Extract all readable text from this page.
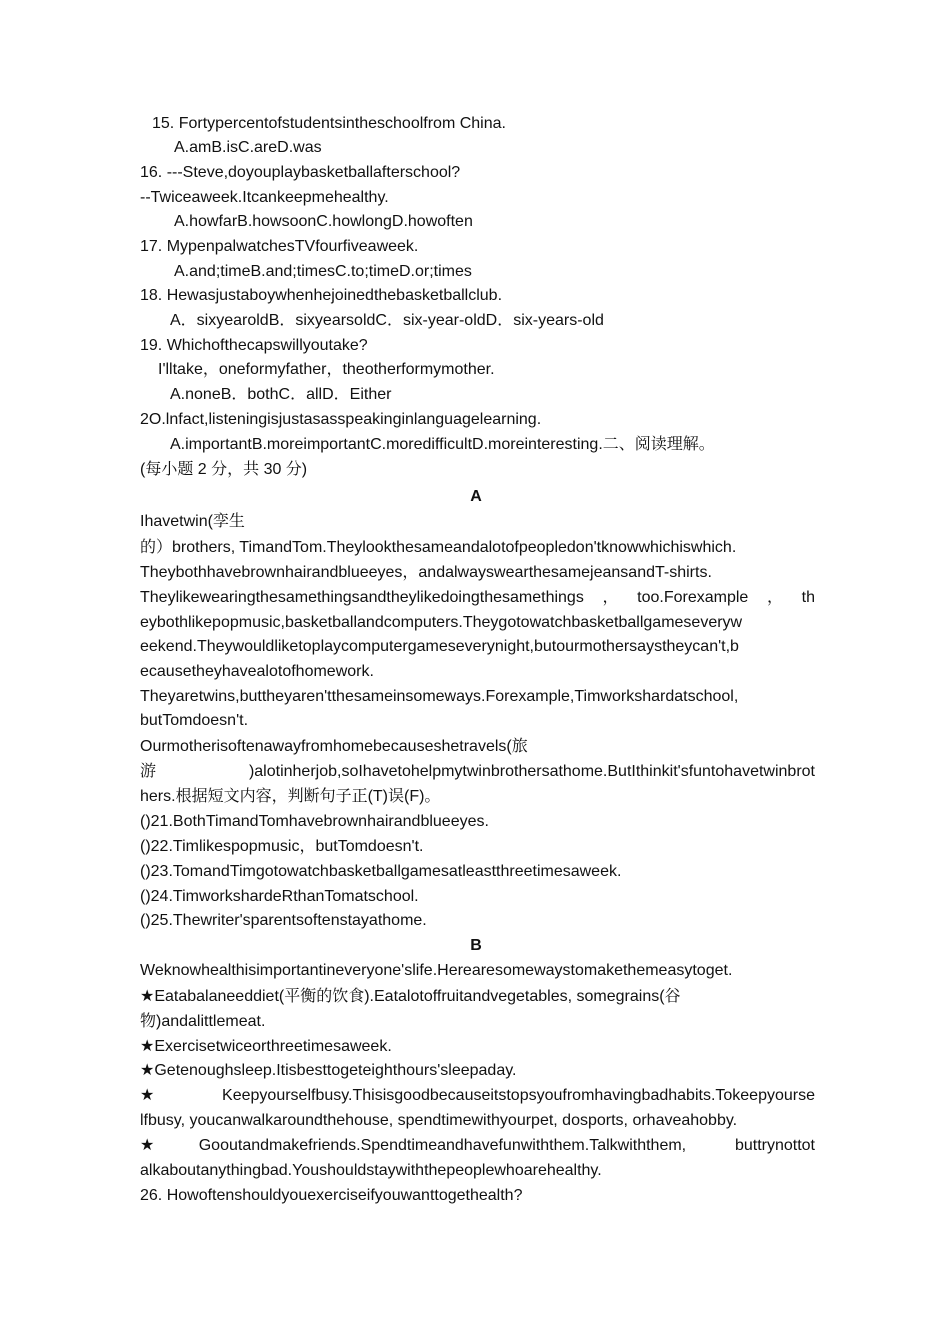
15. Fortypercentofstudentsintheschoolfrom China.
A.amB.isC.areD.was
16. ---Steve,doyouplaybasketballafterschool?
--Twiceaweek.Itcankeepmehealthy.
A.howfarB.howsoonC.howlongD.howoften
17. MypenpalwatchesTVfourfiveaweek.
A.and;timeB.and;timesC.to;timeD.or;times
18. Hewasjustaboywhenhejoinedthebasketballclub.
A．sixyearoldB．sixyearsoldC．six-year-oldD．six-years-old
19. Whichofthecapswillyoutake?
I'lltake，oneformyfather，theotherformymother.
A.noneB．bothC．allD．Either
2O.lnfact,listeningisjustasasspeakinginlanguagelearning.
A.importantB.moreimportantC.moredifficultD.moreinteresting.二、阅读理解。
(每小题 2 分，共 30 分)
A
Ihavetwin(孪生
的）brothers, TimandTom.Theylookthesameandalotofpeopledon'tknowwhichiswhich.
Theybothhavebrownhairandblueeyes，andalwayswearthesamejeansandT-shirts.
Theylikewearingthesamethingsandtheylikedoingthesamethings，too.Forexample，th
eybothlikepopmusic,basketballandcomputers.Theygotowatchbasketballgameseveryw
eekend.Theywouldliketoplaycomputergameseverynight,butourmothersaystheycan't,b
ecausetheyhavealotofhomework.
Theyaretwins,buttheyaren'tthesameinsomeways.Forexample,Timworkshardatschool,
butTomdoesn't.
Ourmotherisoftenawayfromhomebecauseshetravels(旅
游)alotinherjob,soIhavetohelpmytwinbrothersathome.ButIthinkit'sfuntohavetwinbrot
hers.根据短文内容，判断句子正(T)误(F)。
()21.BothTimandTomhavebrownhairandblueeyes.
()22.Timlikespopmusic，butTomdoesn't.
()23.TomandTimgotowatchbasketballgamesatleastthreetimesaweek.
()24.TimworkshardeRthanTomatschool.
()25.Thewriter'sparentsoftenstayathome.
B
Weknowhealthisimportantineveryone'slife.Herearesomewaystomakethemeasytoget.
★Eatabalaneeddiet(平衡的饮食).Eatalotoffruitandvegetables, somegrains(谷
物)andalittlemeat.
★Exercisetwiceorthreetimesaweek.
★Getenoughsleep.Itisbesttogeteighthours'sleepaday.
★Keepyourselfbusy.Thisisgoodbecauseitstopsyoufromhavingbadhabits.Tokeepyourse
lfbusy, youcanwalkaroundthehouse, spendtimewithyourpet, dosports, orhaveahobby.
★Gooutandmakefriends.Spendtimeandhavefunwiththem.Talkwiththem, buttrynottot
alkaboutanythingbad.Youshouldstaywiththepeoplewhoarehealthy.
26. Howoftenshouldyouexerciseifyouwanttogethealth?
